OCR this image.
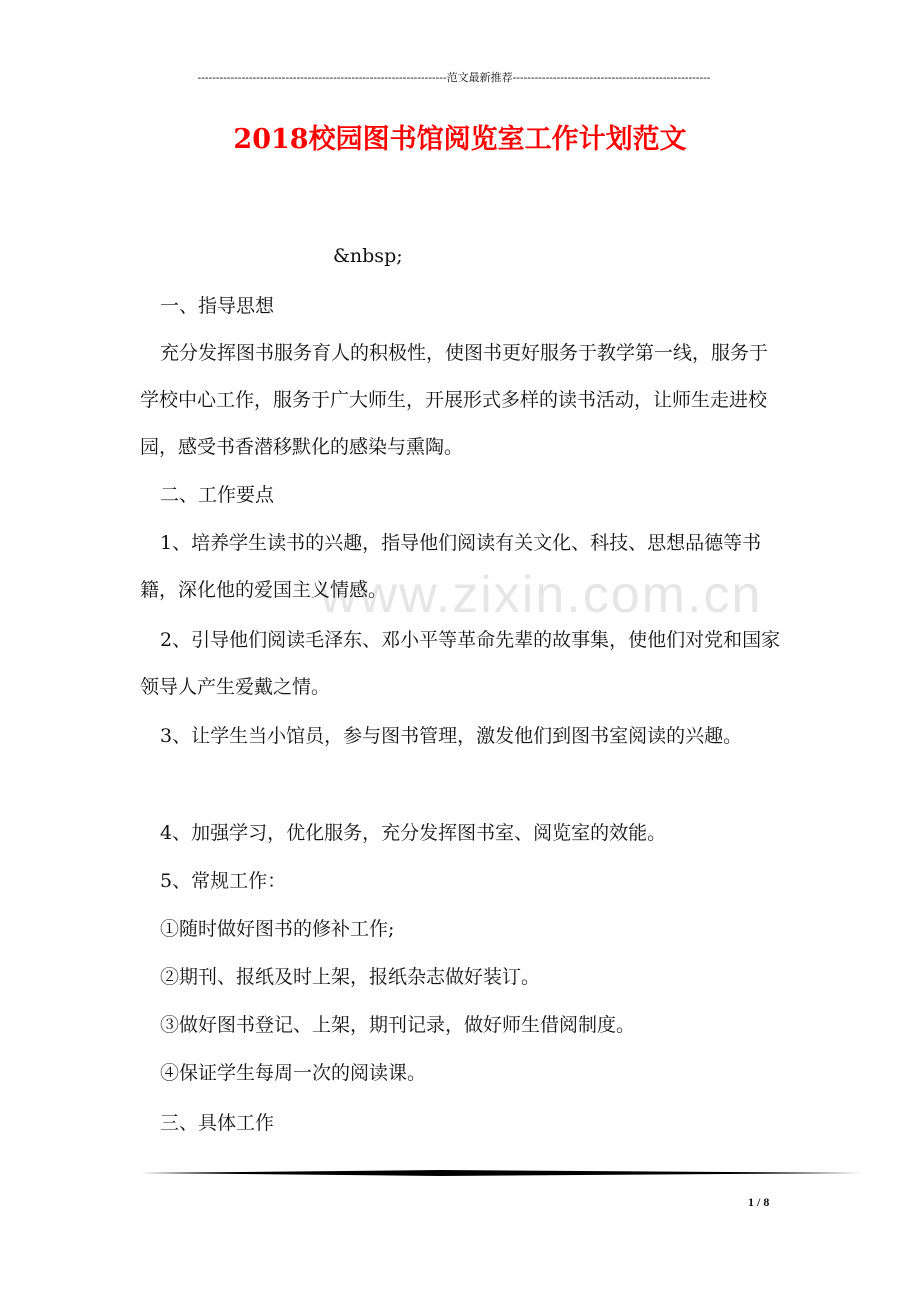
--------------------------------------------------------------------范文最新推荐------------------------------------------------------
www.zixin.com.cn
2018校园图书馆阅览室工作计划范文

&nbsp;

一、指导思想

充分发挥图书服务育人的积极性，使图书更好服务于教学第一线，服务于学校中心工作，服务于广大师生，开展形式多样的读书活动，让师生走进校园，感受书香潜移默化的感染与熏陶。

二、工作要点

1、培养学生读书的兴趣，指导他们阅读有关文化、科技、思想品德等书籍，深化他的爱国主义情感。

2、引导他们阅读毛泽东、邓小平等革命先辈的故事集，使他们对党和国家领导人产生爱戴之情。

3、让学生当小馆员，参与图书管理，激发他们到图书室阅读的兴趣。

4、加强学习，优化服务，充分发挥图书室、阅览室的效能。

5、常规工作：

①随时做好图书的修补工作;

②期刊、报纸及时上架，报纸杂志做好装订。

③做好图书登记、上架，期刊记录，做好师生借阅制度。

④保证学生每周一次的阅读课。

三、具体工作

1 / 8
